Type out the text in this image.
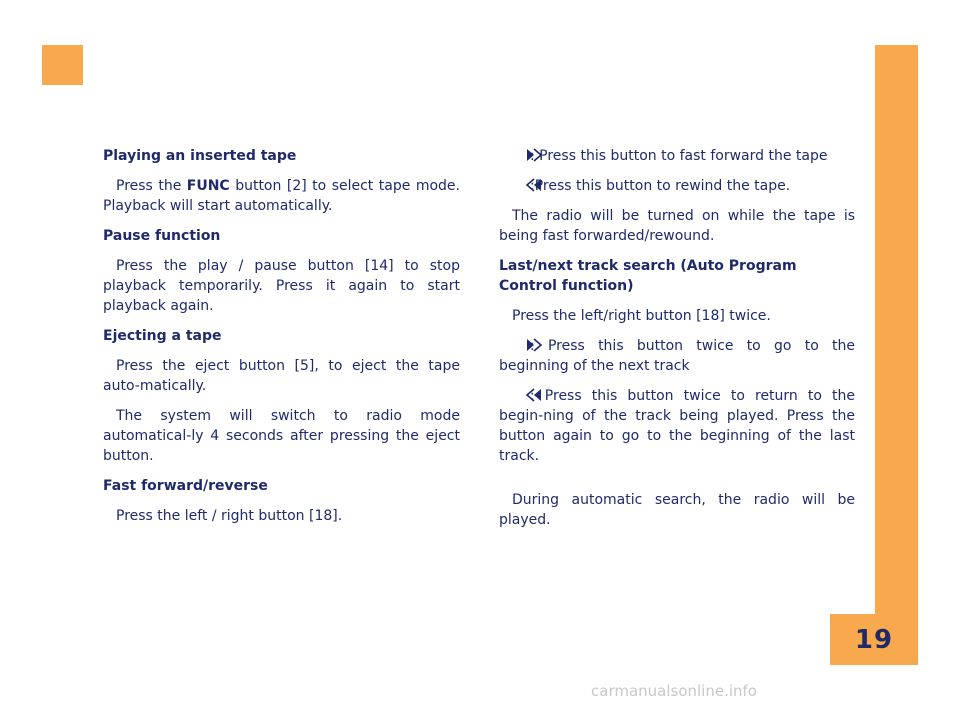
19

Playing an inserted tape

Press the FUNC button [2] to select tape mode. Playback will start automatically.

Pause function

Press the play / pause button [14] to stop playback temporarily. Press it again to start playback again.

Ejecting a tape

Press the eject button [5], to eject the tape auto-matically.

The system will switch to radio mode automatical-ly 4 seconds after pressing the eject button.

Fast forward/reverse

Press the left / right button [18].

: Press this button to fast forward the tape

:Press this button to rewind the tape.

The radio will be turned on while the tape is being fast forwarded/rewound.

Last/next track search (Auto Program Control function)

Press the left/right button [18] twice.

: Press this button twice to go to the beginning of the next track

: Press this button twice to return to the begin-ning of the track being played. Press the button again to go to the beginning of the last track.

During automatic search, the radio will be played.

carmanualsonline.info
